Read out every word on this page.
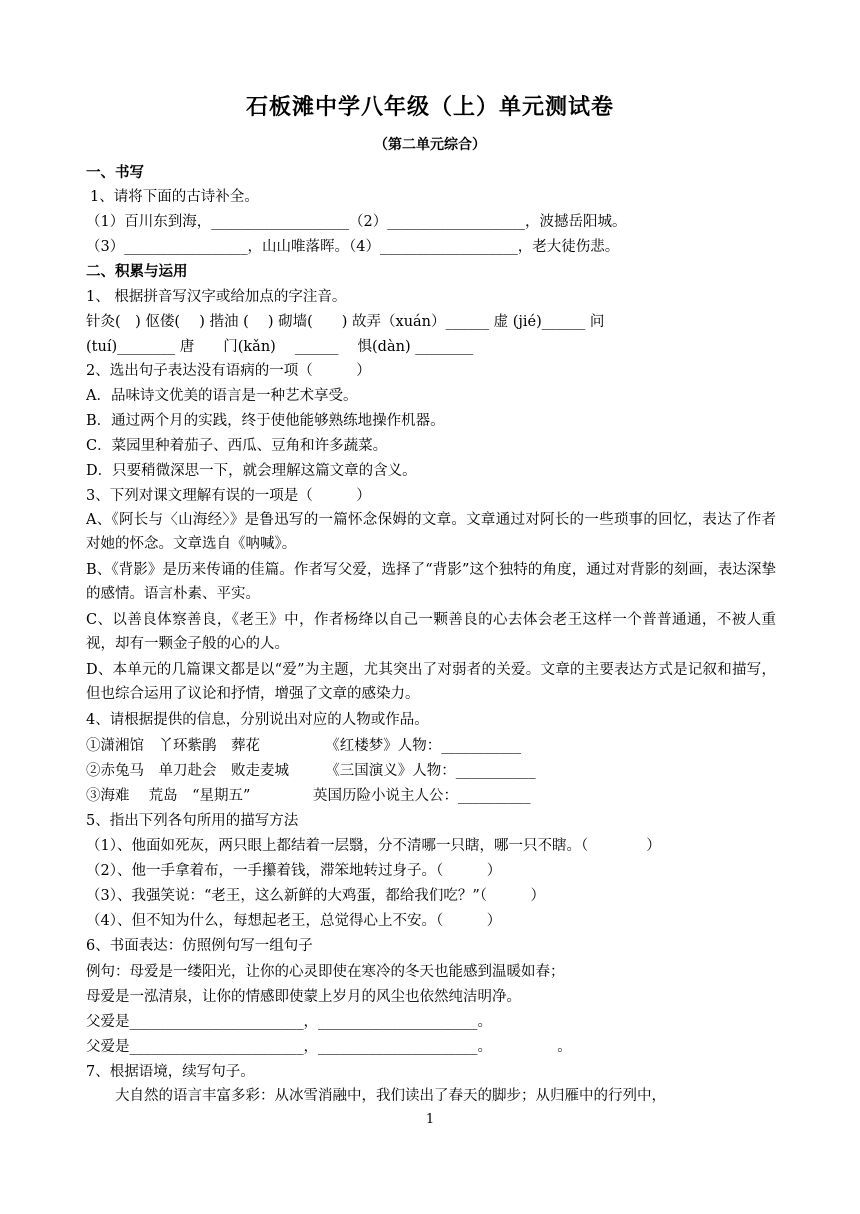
石板滩中学八年级（上）单元测试卷
（第二单元综合）
一、书写
1、请将下面的古诗补全。
（1）百川东到海，___________________（2）___________________，波撼岳阳城。
（3）_________________，山山唯落晖。（4）___________________，老大徒伤悲。
二、积累与运用
1、 根据拼音写汉字或给加点的字注音。
针灸(　) 伛偻(　 ) 揩油 (　 ) 砌墙(　　) 故弄（xuán）______ 虚 (jié)______ 问
(tuí)________ 唐　　门(kǎn)　 ______　 惧(dàn) ________
2、选出句子表达没有语病的一项（　　　）
A．品味诗文优美的语言是一种艺术享受。
B．通过两个月的实践，终于使他能够熟练地操作机器。
C．菜园里种着茄子、西瓜、豆角和许多蔬菜。
D．只要稍微深思一下，就会理解这篇文章的含义。
3、下列对课文理解有误的一项是（　　　）
A、《阿长与〈山海经〉》是鲁迅写的一篇怀念保姆的文章。文章通过对阿长的一些琐事的回忆，表达了作者对她的怀念。文章选自《呐喊》。
B、《背影》是历来传诵的佳篇。作者写父爱，选择了“背影”这个独特的角度，通过对背影的刻画，表达深挚的感情。语言朴素、平实。
C、以善良体察善良，《老王》中，作者杨绛以自己一颗善良的心去体会老王这样一个普普通通，不被人重视，却有一颗金子般的心的人。
D、本单元的几篇课文都是以“爱”为主题，尤其突出了对弱者的关爱。文章的主要表达方式是记叙和描写，但也综合运用了议论和抒情，增强了文章的感染力。
4、请根据提供的信息，分别说出对应的人物或作品。
①潇湘馆　丫环紫鹃　葬花　　　　　《红楼梦》人物：___________
②赤兔马　单刀赴会　败走麦城　　　《三国演义》人物：___________
③海难　 荒岛　“星期五”　　　　 英国历险小说主人公：__________
5、指出下列各句所用的描写方法
（1）、他面如死灰，两只眼上都结着一层翳，分不清哪一只瞎，哪一只不瞎。（　　　　）
（2）、他一手拿着布，一手攥着钱，滞笨地转过身子。（　　　）
（3）、我强笑说：“老王，这么新鲜的大鸡蛋，都给我们吃？”（　　　）
（4）、但不知为什么，每想起老王，总觉得心上不安。（　　　）
6、书面表达：仿照例句写一组句子
例句：母爱是一缕阳光，让你的心灵即使在寒冷的冬天也能感到温暖如春；
母爱是一泓清泉，让你的情感即使蒙上岁月的风尘也依然纯洁明净。
父爱是________________________，______________________。
父爱是________________________，______________________。　　　　　。
7、根据语境，续写句子。
大自然的语言丰富多彩：从冰雪消融中，我们读出了春天的脚步；从归雁中的行列中，
1
